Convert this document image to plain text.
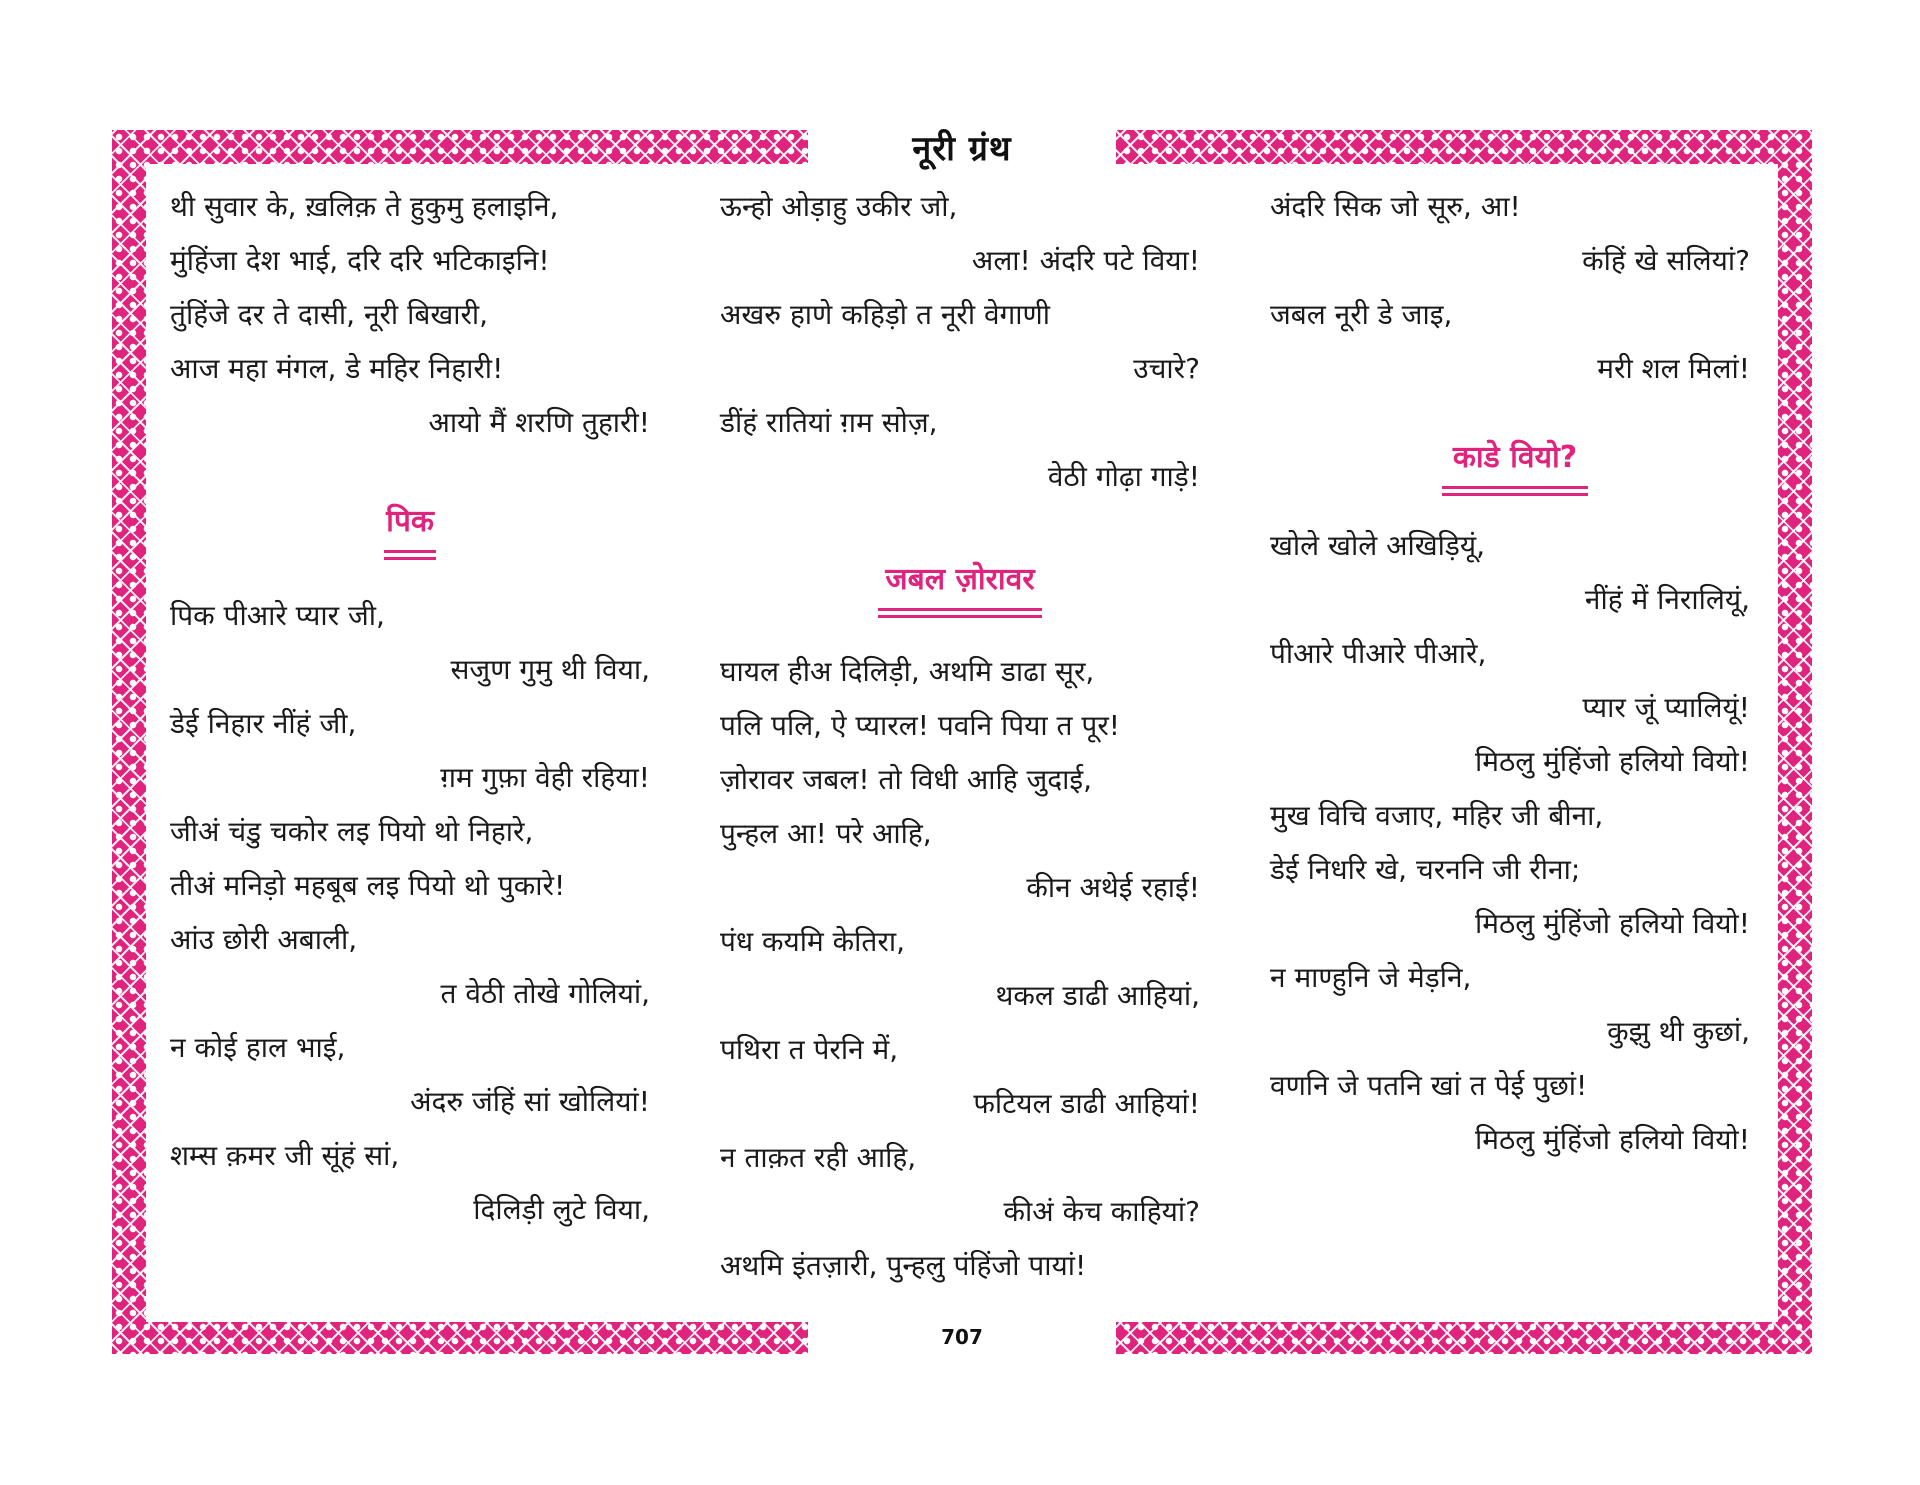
नूरी ग्रंथ
707
थी सुवार के, ख़लिक़ ते हुकुमु हलाइनि,
मुंहिंजा देश भाई, दरि दरि भटिकाइनि!
तुंहिंजे दर ते दासी, नूरी बिखारी,
आज महा मंगल, डे महिर निहारी!
आयो मैं शरणि तुहारी!
पिक
पिक पीआरे प्यार जी,
सजुण गुमु थी विया,
डेई निहार नींहं जी,
ग़म गुफ़ा वेही रहिया!
जीअं चंडु चकोर लइ पियो थो निहारे,
तीअं मनिड़ो महबूब लइ पियो थो पुकारे!
आंउ छोरी अबाली,
त वेठी तोखे गोलियां,
न कोई हाल भाई,
अंदरु जंहिं सां खोलियां!
शम्स क़मर जी सूंहं सां,
दिलिड़ी लुटे विया,
ऊन्हो ओड़ाहु उकीर जो,
अला! अंदरि पटे विया!
अखरु हाणे कहिड़ो त नूरी वेगाणी
उचारे?
डींहं रातियां ग़म सोज़,
वेठी गोढ़ा गाड़े!
जबल ज़ोरावर
घायल हीअ दिलिड़ी, अथमि डाढा सूर,
पलि पलि, ऐ प्यारल! पवनि पिया त पूर!
ज़ोरावर जबल! तो विधी आहि जुदाई,
पुन्हल आ! परे आहि,
कीन अथेई रहाई!
पंध कयमि केतिरा,
थकल डाढी आहियां,
पथिरा त पेरनि में,
फटियल डाढी आहियां!
न ताक़त रही आहि,
कीअं केच काहियां?
अथमि इंतज़ारी, पुन्हलु पंहिंजो पायां!
अंदरि सिक जो सूरु, आ!
कंहिं खे सलियां?
जबल नूरी डे जाइ,
मरी शल मिलां!
काडे वियो?
खोले खोले अखिड़ियूं,
नींहं में निरालियूं,
पीआरे पीआरे पीआरे,
प्यार जूं प्यालियूं!
मिठलु मुंहिंजो हलियो वियो!
मुख विचि वजाए, महिर जी बीना,
डेई निधरि खे, चरननि जी रीना;
मिठलु मुंहिंजो हलियो वियो!
न माण्हुनि जे मेड़नि,
कुझु थी कुछां,
वणनि जे पतनि खां त पेई पुछां!
मिठलु मुंहिंजो हलियो वियो!
